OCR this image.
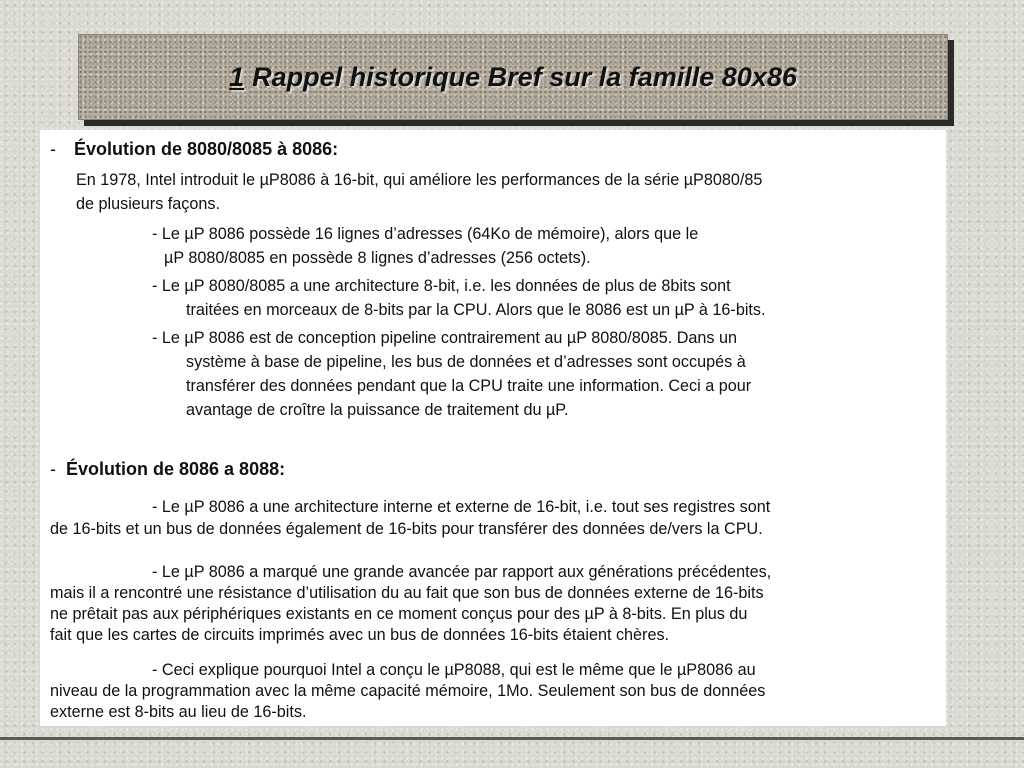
1 Rappel historique Bref sur la famille 80x86
- Évolution de 8080/8085 à 8086:
En 1978, Intel introduit le µP8086 à 16-bit, qui améliore les performances de la série µP8080/85
de plusieurs façons.
- Le µP 8086 possède 16 lignes d’adresses (64Ko de mémoire), alors que le
µP 8080/8085 en possède 8 lignes d’adresses (256 octets).
- Le µP 8080/8085 a une architecture 8-bit, i.e. les données de plus de 8bits sont
traitées en morceaux de 8-bits par la CPU. Alors que le 8086 est un µP à 16-bits.
- Le µP 8086 est de conception pipeline contrairement au µP 8080/8085. Dans un
système à base de pipeline, les bus de données et d’adresses sont occupés à
transférer des données pendant que la CPU traite une information. Ceci a pour
avantage de croître la puissance de traitement du µP.
- Évolution de 8086 a 8088:
- Le µP 8086 a une architecture interne et externe de 16-bit, i.e. tout ses registres sont
de 16-bits et un bus de données également de 16-bits pour transférer des données de/vers la CPU.
- Le µP 8086 a marqué une grande avancée par rapport aux générations précédentes,
mais il a rencontré une résistance d’utilisation du au fait que son bus de données externe de 16-bits
ne prêtait pas aux périphériques existants en ce moment conçus pour des µP à 8-bits. En plus du
fait que les cartes de circuits imprimés avec un bus de données 16-bits étaient chères.
- Ceci explique pourquoi Intel a conçu le µP8088, qui est le même que le µP8086 au
niveau de la programmation avec la même capacité mémoire, 1Mo. Seulement son bus de données
externe est 8-bits au lieu de 16-bits.
